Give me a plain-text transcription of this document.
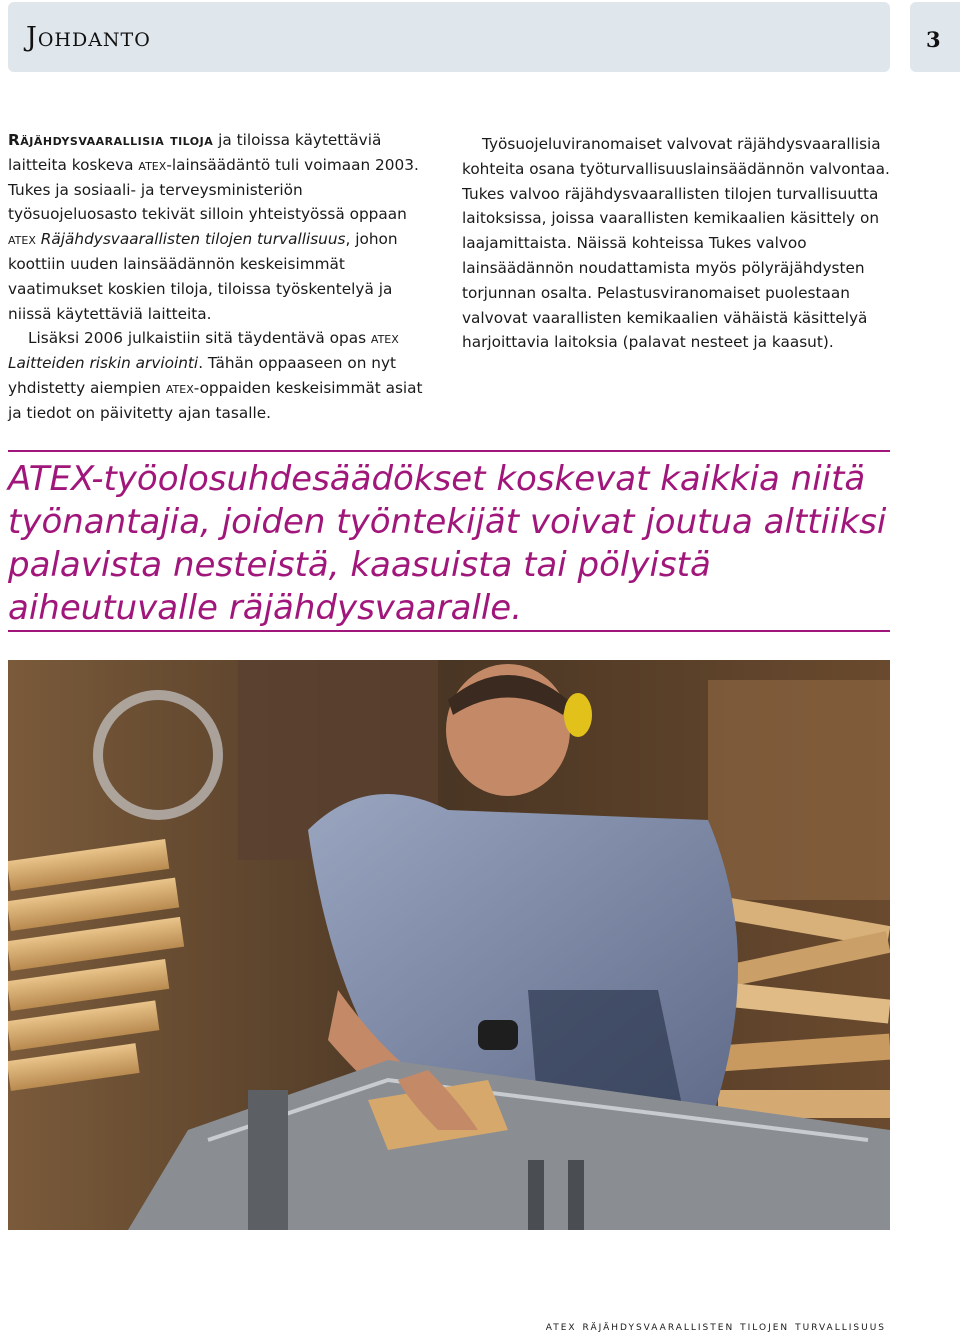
Johdanto	3

Räjähdysvaarallisia tiloja ja tiloissa käytettäviä laitteita koskeva atex-lainsäädäntö tuli voimaan 2003. Tukes ja sosiaali- ja terveysministeriön työsuojeluosasto tekivät silloin yhteistyössä oppaan atex Räjähdysvaarallisten tilojen turvallisuus, johon koottiin uuden lainsäädännön keskeisimmät vaatimukset koskien tiloja, tiloissa työskentelyä ja niissä käytettäviä laitteita.

Lisäksi 2006 julkaistiin sitä täydentävä opas atex Laitteiden riskin arviointi. Tähän oppaaseen on nyt yhdistetty aiempien atex-oppaiden keskeisimmät asiat ja tiedot on päivitetty ajan tasalle.

Työsuojeluviranomaiset valvovat räjähdysvaarallisia kohteita osana työturvallisuuslainsäädännön valvontaa. Tukes valvoo räjähdysvaarallisten tilojen turvallisuutta laitoksissa, joissa vaarallisten kemikaalien käsittely on laajamittaista. Näissä kohteissa Tukes valvoo lainsäädännön noudattamista myös pölyräjähdysten torjunnan osalta. Pelastusviranomaiset puolestaan valvovat vaarallisten kemikaalien vähäistä käsittelyä harjoittavia laitoksia (palavat nesteet ja kaasut).

ATEX-työolosuhdesäädökset koskevat kaikkia niitä työnantajia, joiden työntekijät voivat joutua alttiiksi palavista nesteistä, kaasuista tai pölyistä aiheutuvalle räjähdysvaaralle.

atex räjähdysvaarallisten tilojen turvallisuus
